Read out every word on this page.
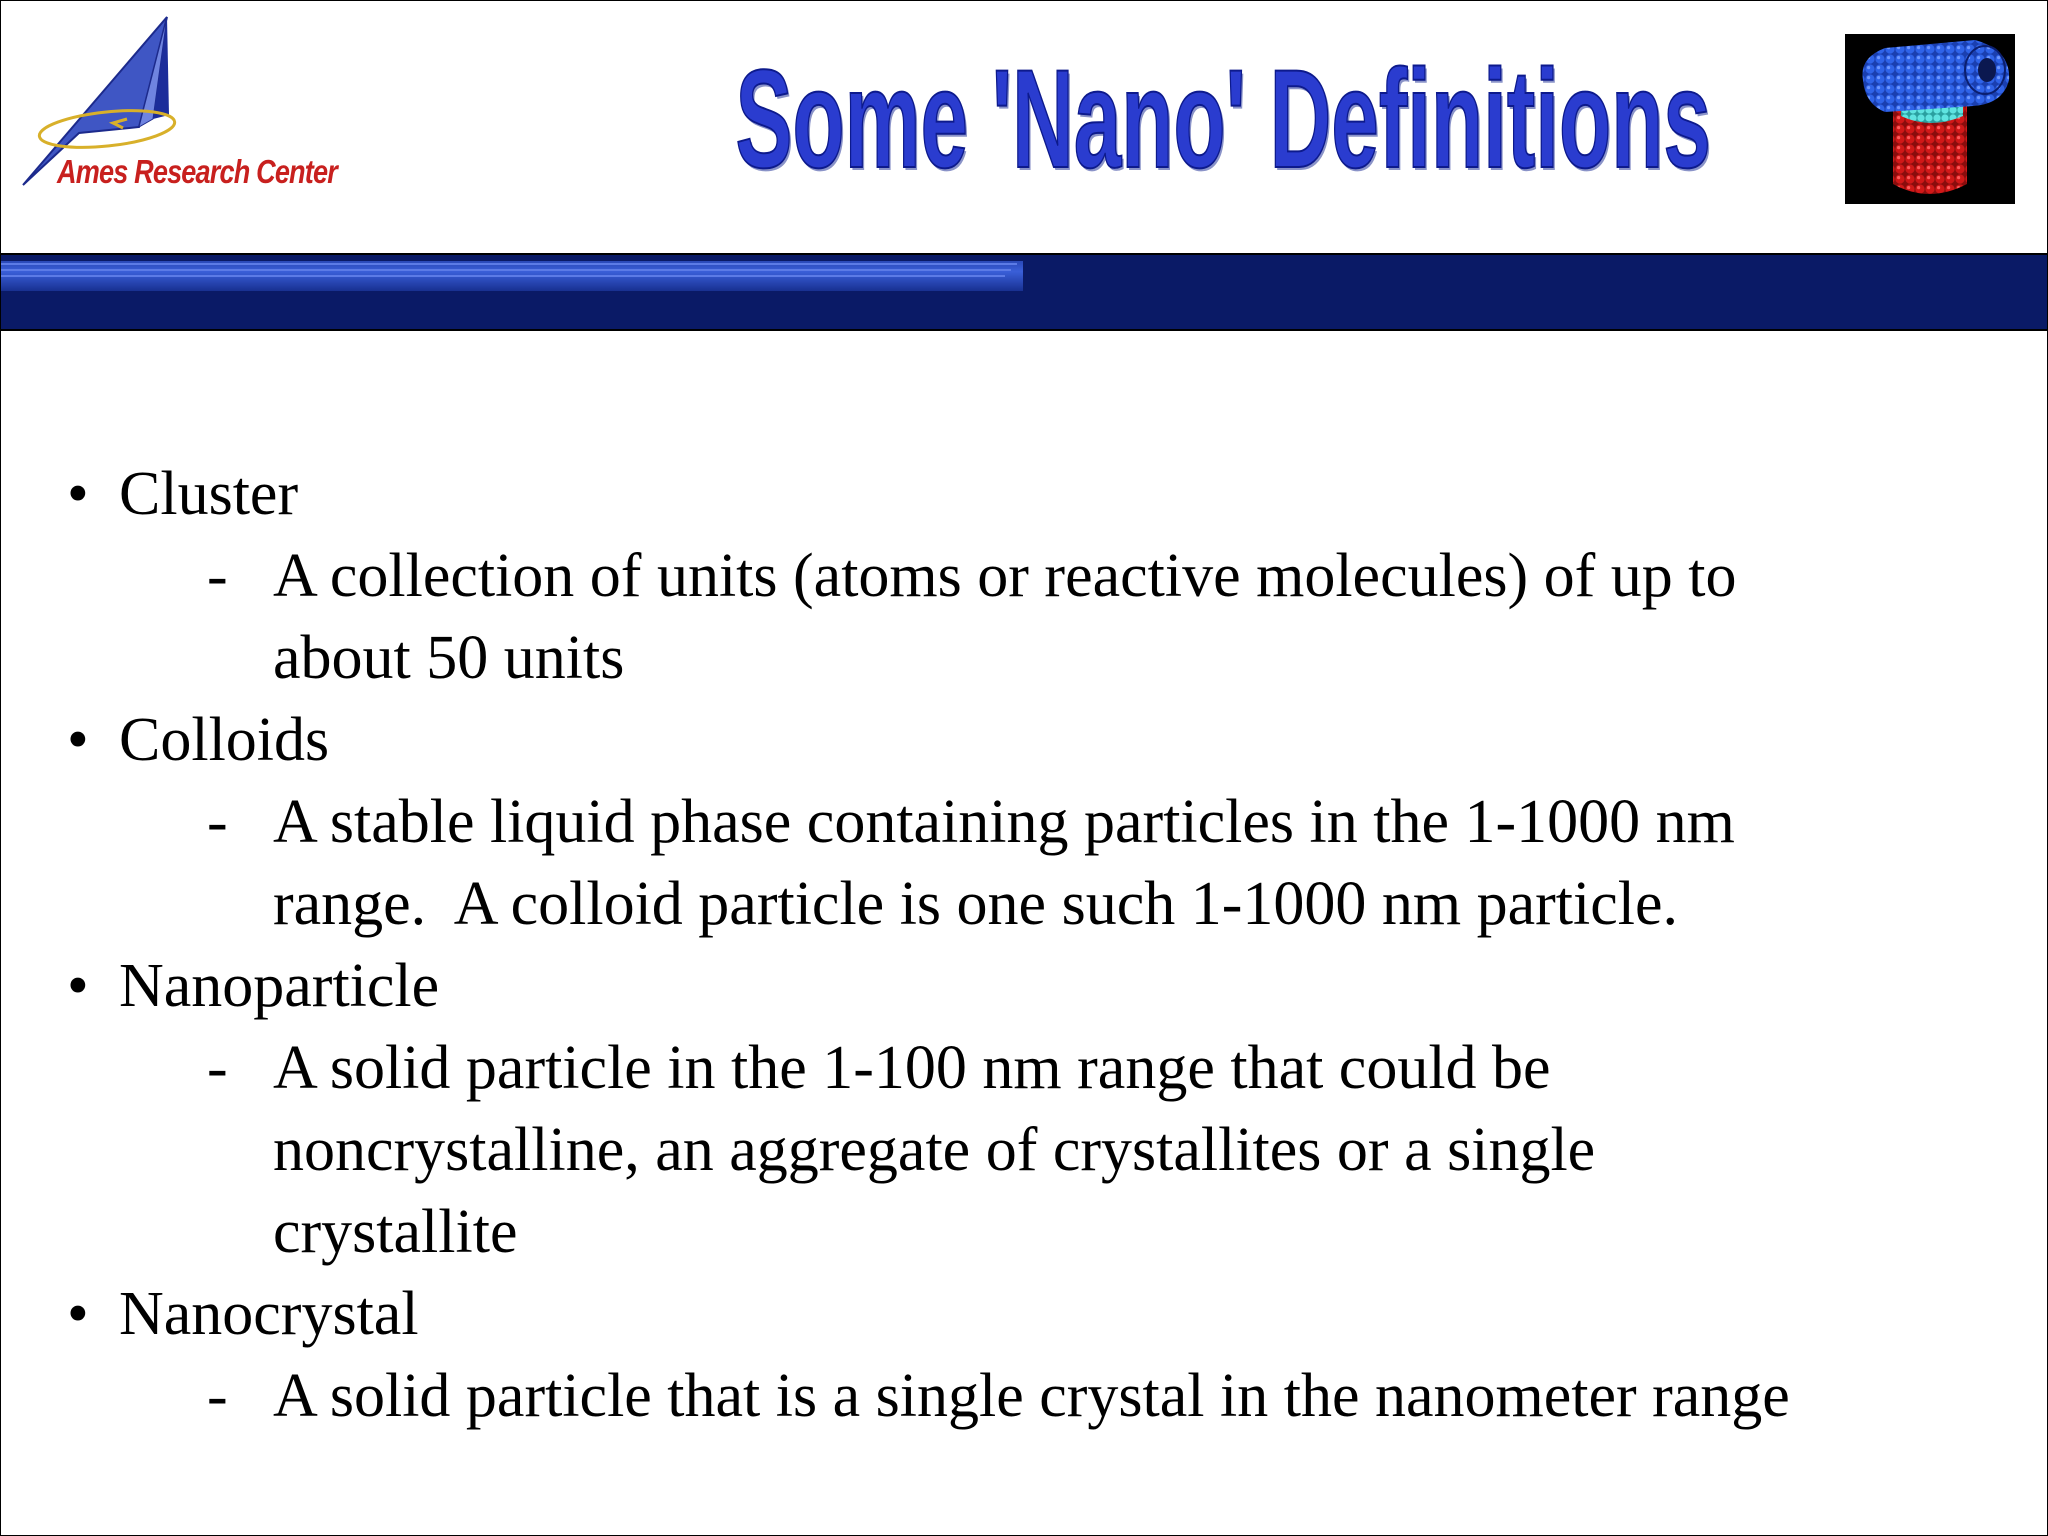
Ames Research Center	Some 'Nano' Definitions
• Cluster
- A collection of units (atoms or reactive molecules) of up to
about 50 units
• Colloids
- A stable liquid phase containing particles in the 1-1000 nm
range.  A colloid particle is one such 1-1000 nm particle.
• Nanoparticle
- A solid particle in the 1-100 nm range that could be
noncrystalline, an aggregate of crystallites or a single
crystallite
• Nanocrystal
- A solid particle that is a single crystal in the nanometer range
